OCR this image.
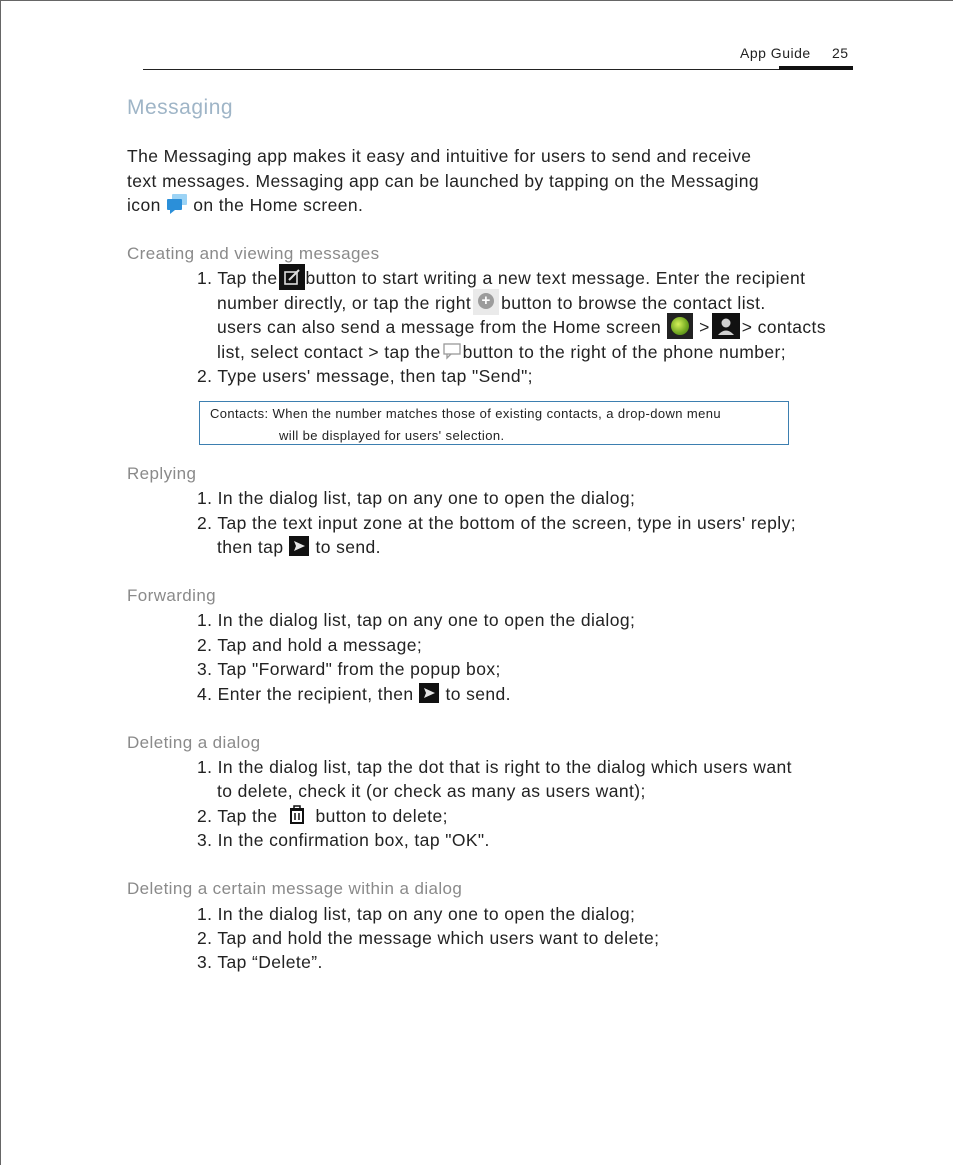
App Guide 25
Messaging
The Messaging app makes it easy and intuitive for users to send and receive
text messages. Messaging app can be launched by tapping on the Messaging
icon on the Home screen.
Creating and viewing messages
1. Tap the button to start writing a new text message. Enter the recipient
number directly, or tap the right+ button to browse the contact list.
users can also send a message from the Home screen > > contacts
list, select contact > tap the button to the right of the phone number;
2. Type users' message, then tap "Send";
Contacts: When the number matches those of existing contacts, a drop-down menu
will be displayed for users' selection.
Replying
1. In the dialog list, tap on any one to open the dialog;
2. Tap the text input zone at the bottom of the screen, type in users' reply;
then tap to send.
Forwarding
1. In the dialog list, tap on any one to open the dialog;
2. Tap and hold a message;
3. Tap "Forward" from the popup box;
4. Enter the recipient, then to send.
Deleting a dialog
1. In the dialog list, tap the dot that is right to the dialog which users want
to delete, check it (or check as many as users want);
2. Tap the button to delete;
3. In the confirmation box, tap "OK".
Deleting a certain message within a dialog
1. In the dialog list, tap on any one to open the dialog;
2. Tap and hold the message which users want to delete;
3. Tap “Delete”.
